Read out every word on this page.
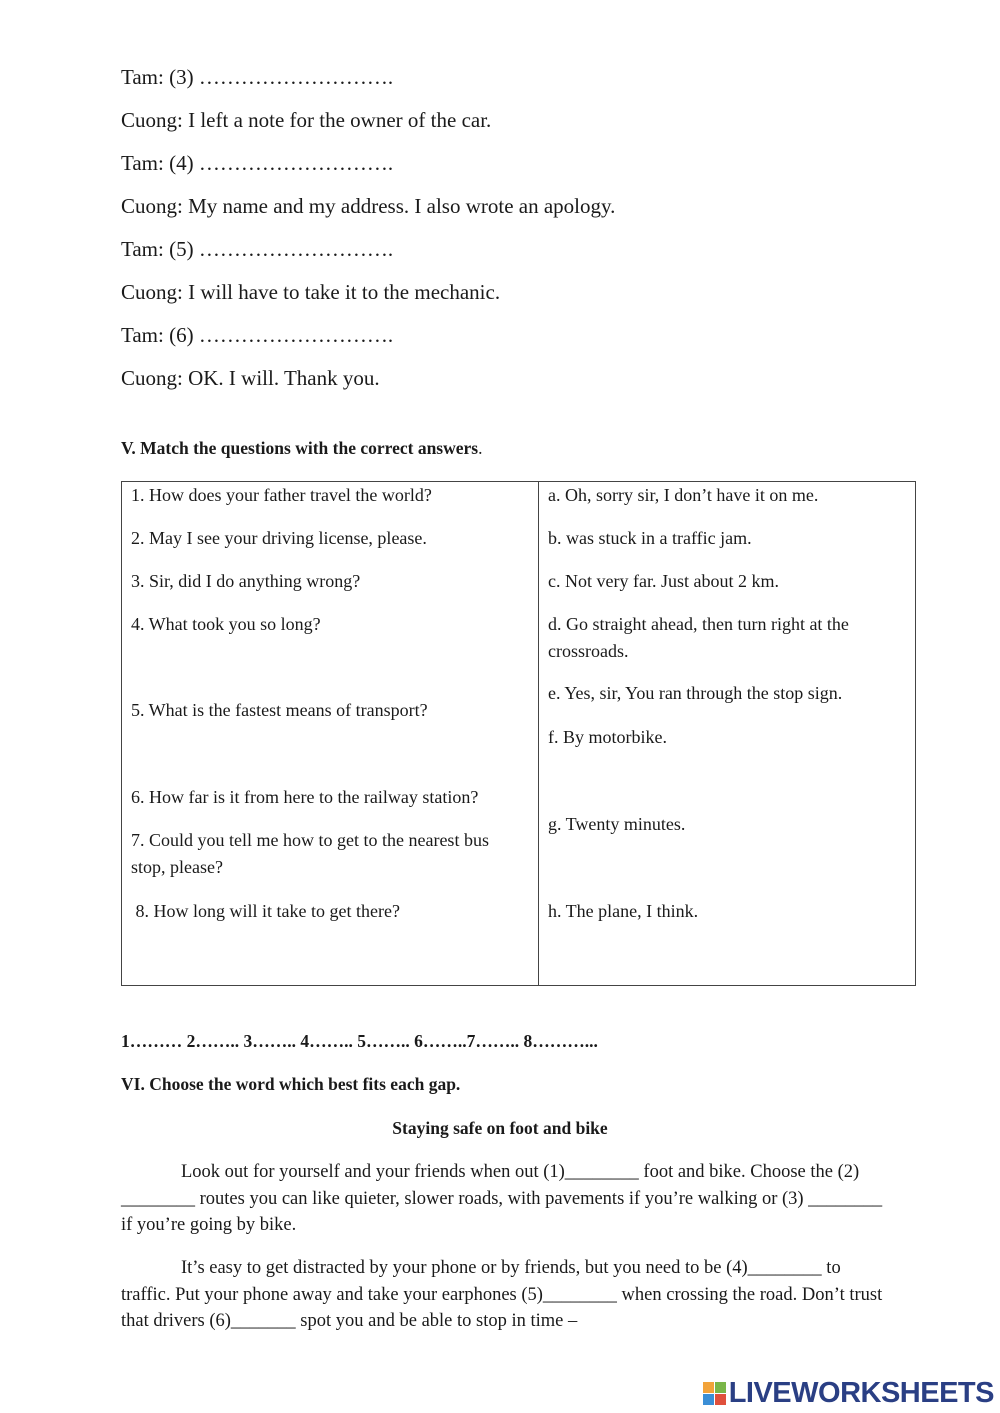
Tam: (3) ……………………….
Cuong: I left a note for the owner of the car.
Tam: (4) ……………………….
Cuong: My name and my address. I also wrote an apology.
Tam: (5) ……………………….
Cuong: I will have to take it to the mechanic.
Tam: (6) ……………………….
Cuong: OK. I will. Thank you.
V. Match the questions with the correct answers.
1. How does your father travel the world?
2. May I see your driving license, please.
3. Sir, did I do anything wrong?
4. What took you so long?
5. What is the fastest means of transport?
6. How far is it from here to the railway station?
7. Could you tell me how to get to the nearest bus stop, please?
8. How long will it take to get there?

a. Oh, sorry sir, I don’t have it on me.
b. was stuck in a traffic jam.
c. Not very far. Just about 2 km.
d. Go straight ahead, then turn right at the crossroads.
e. Yes, sir, You ran through the stop sign.
f. By motorbike.
g. Twenty minutes.
h. The plane, I think.
1……… 2…….. 3…….. 4…….. 5…….. 6……..7…….. 8………...
VI. Choose the word which best fits each gap.
Staying safe on foot and bike
Look out for yourself and your friends when out (1)________ foot and bike. Choose the (2) ________ routes you can like quieter, slower roads, with pavements if you’re walking or (3) ________ if you’re going by bike.
It’s easy to get distracted by your phone or by friends, but you need to be (4)________ to traffic. Put your phone away and take your earphones (5)________ when crossing the road. Don’t trust that drivers (6)_______ spot you and be able to stop in time –
LIVEWORKSHEETS
